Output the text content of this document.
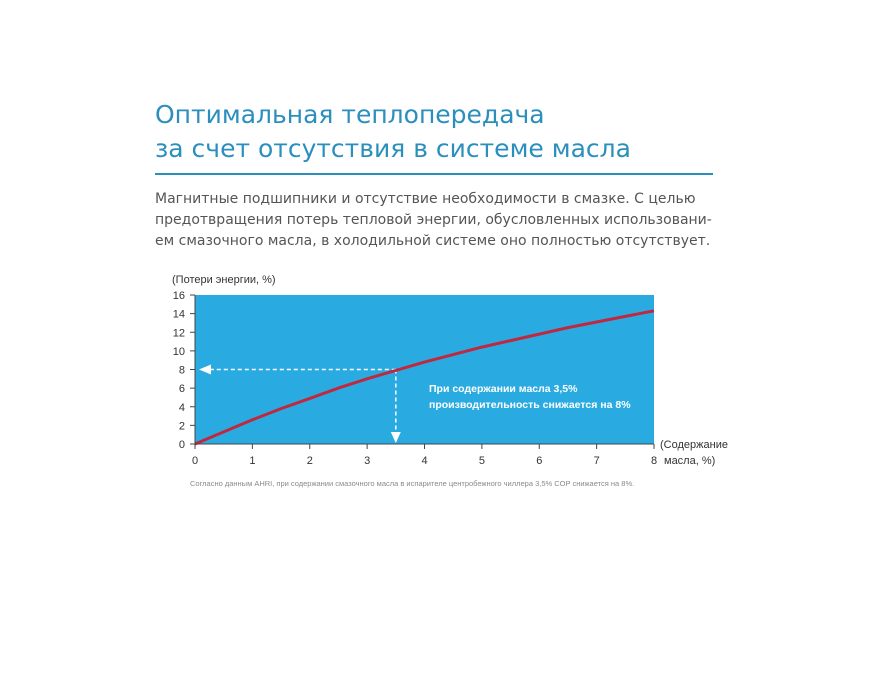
Оптимальная теплопередача
за счет отсутствия в системе масла

Магнитные подшипники и отсутствие необходимости в смазке. С целью
предотвращения потерь тепловой энергии, обусловленных использовани-
ем смазочного масла, в холодильной системе оно полностью отсутствует.

(Потери энергии, %)
0
2
4
6
8
10
12
14
16
0	1	2	3	4	5	6	7	8
При содержании масла 3,5%
производительность снижается на 8%
(Содержание
масла, %)

Согласно данным AHRI, при содержании смазочного масла в испарителе центробежного чиллера 3,5% COP снижается на 8%.
